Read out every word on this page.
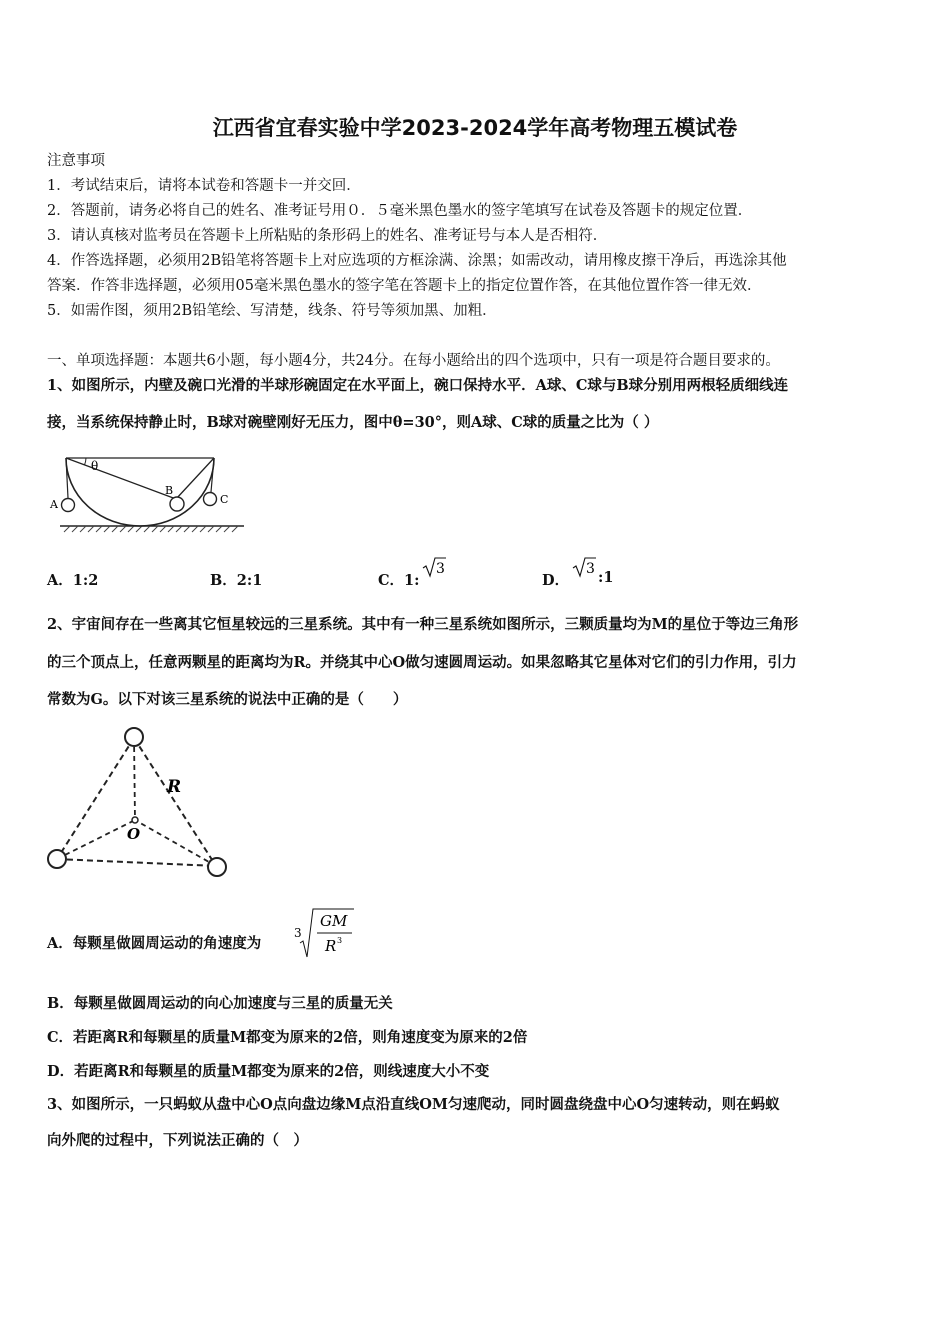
江西省宜春实验中学2023-2024学年高考物理五模试卷
注意事项
1．考试结束后，请将本试卷和答题卡一并交回．
2．答题前，请务必将自己的姓名、准考证号用０．５毫米黑色墨水的签字笔填写在试卷及答题卡的规定位置．
3．请认真核对监考员在答题卡上所粘贴的条形码上的姓名、准考证号与本人是否相符．
4．作答选择题，必须用2B铅笔将答题卡上对应选项的方框涂满、涂黑；如需改动，请用橡皮擦干净后，再选涂其他
答案．作答非选择题，必须用05毫米黑色墨水的签字笔在答题卡上的指定位置作答，在其他位置作答一律无效．
5．如需作图，须用2B铅笔绘、写清楚，线条、符号等须加黑、加粗．
一、单项选择题：本题共6小题，每小题4分，共24分。在每小题给出的四个选项中，只有一项是符合题目要求的。
1、如图所示，内壁及碗口光滑的半球形碗固定在水平面上，碗口保持水平．A球、C球与B球分别用两根轻质细线连
接，当系统保持静止时，B球对碗壁刚好无压力，图中θ=30°，则A球、C球的质量之比为（ ）
θ
A
B
C
A．1:2	B．2:1	C．1:
3
D．
3 :1
2、宇宙间存在一些离其它恒星较远的三星系统。其中有一种三星系统如图所示，三颗质量均为M的星位于等边三角形
的三个顶点上，任意两颗星的距离均为R。并绕其中心O做匀速圆周运动。如果忽略其它星体对它们的引力作用，引力
常数为G。以下对该三星系统的说法中正确的是（　　）
R
O
A．每颗星做圆周运动的角速度为
3
GM
R 3
B．每颗星做圆周运动的向心加速度与三星的质量无关
C．若距离R和每颗星的质量M都变为原来的2倍，则角速度变为原来的2倍
D．若距离R和每颗星的质量M都变为原来的2倍，则线速度大小不变
3、如图所示，一只蚂蚁从盘中心O点向盘边缘M点沿直线OM匀速爬动，同时圆盘绕盘中心O匀速转动，则在蚂蚁
向外爬的过程中，下列说法正确的（　）
